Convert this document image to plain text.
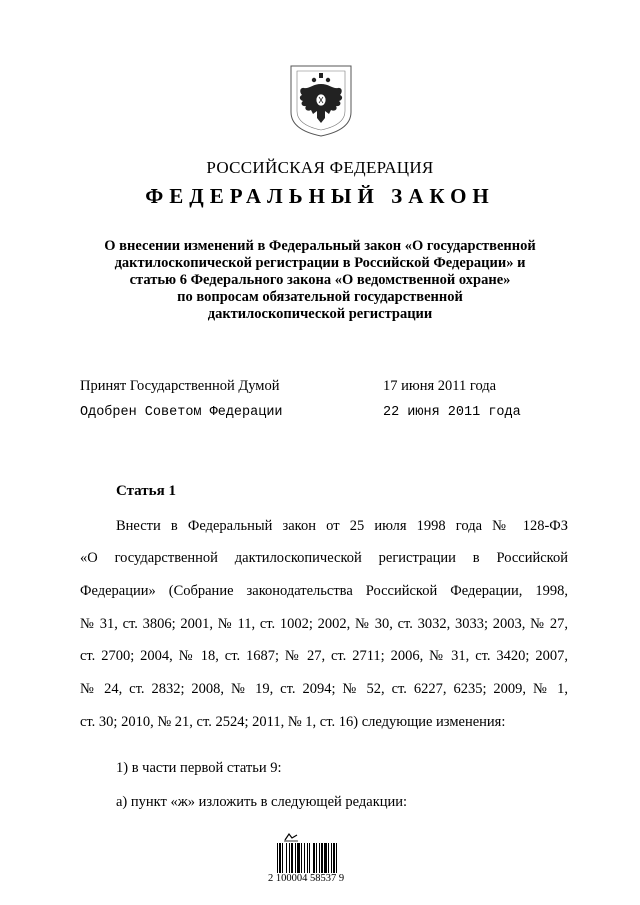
РОССИЙСКАЯ ФЕДЕРАЦИЯ
ФЕДЕРАЛЬНЫЙ ЗАКОН
О внесении изменений в Федеральный закон «О государственной
дактилоскопической регистрации в Российской Федерации» и
статью 6 Федерального закона «О ведомственной охране»
по вопросам обязательной государственной
дактилоскопической регистрации
Принят Государственной Думой	17 июня 2011 года
Одобрен Советом Федерации	22 июня 2011 года
Статья 1
Внести в Федеральный закон от 25 июля 1998 года № 128-ФЗ
«О государственной дактилоскопической регистрации в Российской
Федерации» (Собрание законодательства Российской Федерации, 1998,
№ 31, ст. 3806; 2001, № 11, ст. 1002; 2002, № 30, ст. 3032, 3033; 2003, № 27,
ст. 2700; 2004, № 18, ст. 1687; № 27, ст. 2711; 2006, № 31, ст. 3420; 2007,
№ 24, ст. 2832; 2008, № 19, ст. 2094; № 52, ст. 6227, 6235; 2009, № 1,
ст. 30; 2010, № 21, ст. 2524; 2011, № 1, ст. 16) следующие изменения:
1) в части первой статьи 9:
а) пункт «ж» изложить в следующей редакции:
2 100004 58537 9
